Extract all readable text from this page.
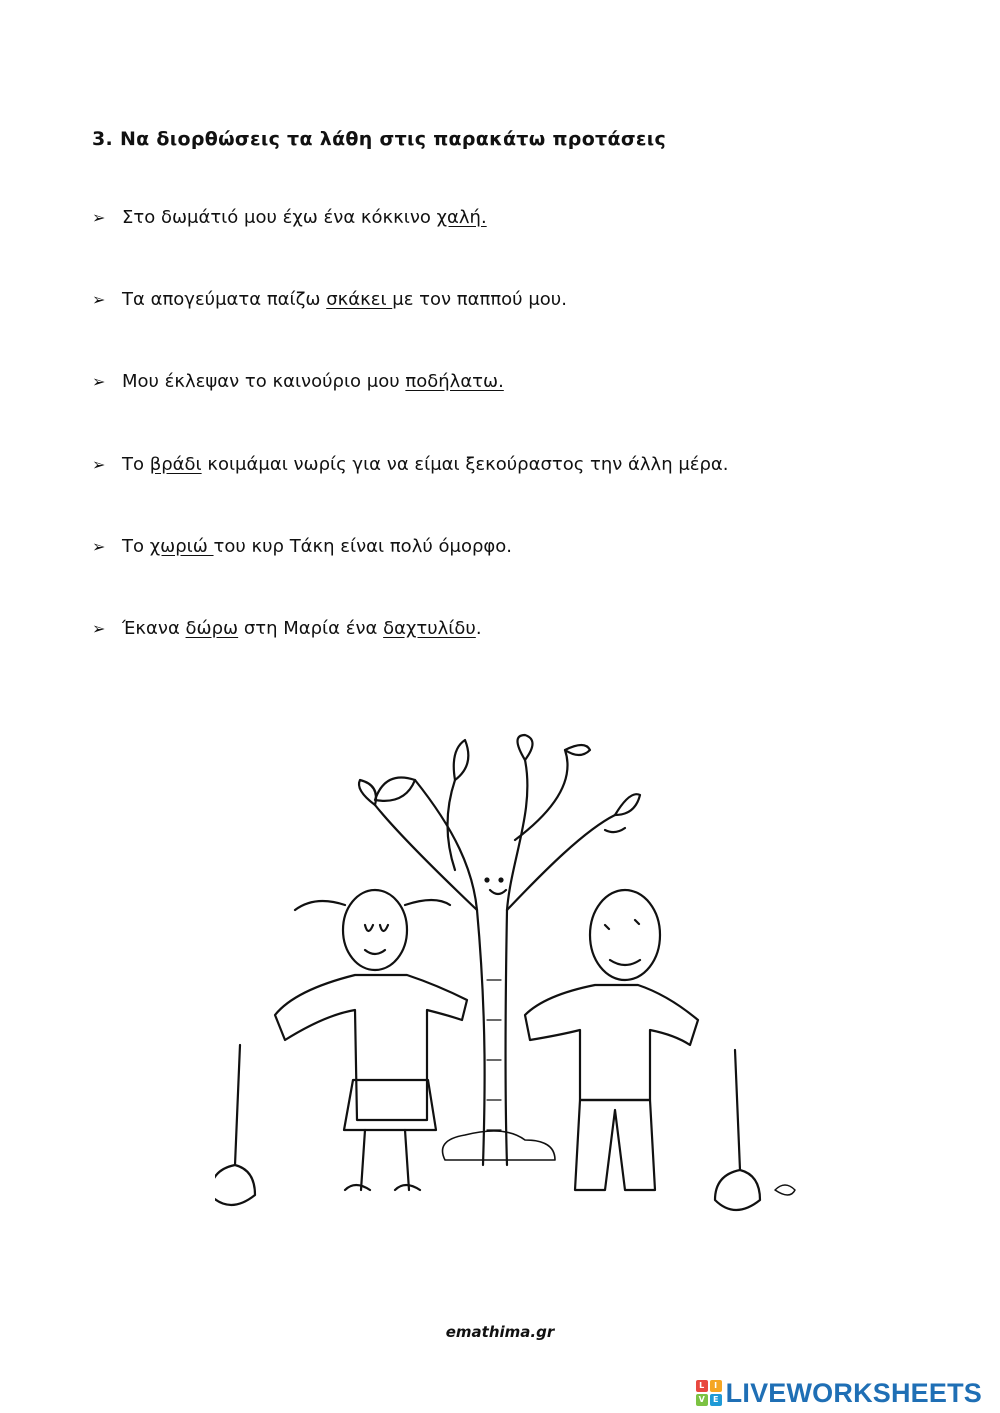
3. Να διορθώσεις τα λάθη στις παρακάτω προτάσεις
➢ Στο δωμάτιό μου έχω ένα κόκκινο χαλή.
➢ Τα απογεύματα παίζω σκάκει με τον παππού μου.
➢ Μου έκλεψαν το καινούριο μου ποδήλατω.
➢ Το βράδι κοιμάμαι νωρίς για να είμαι ξεκούραστος την άλλη μέρα.
➢ Το χωριώ του κυρ Τάκη είναι πολύ όμορφο.
➢ Έκανα δώρω στη Μαρία ένα δαχτυλίδυ.
emathima.gr
L	I
V	E LIVEWORKSHEETS
